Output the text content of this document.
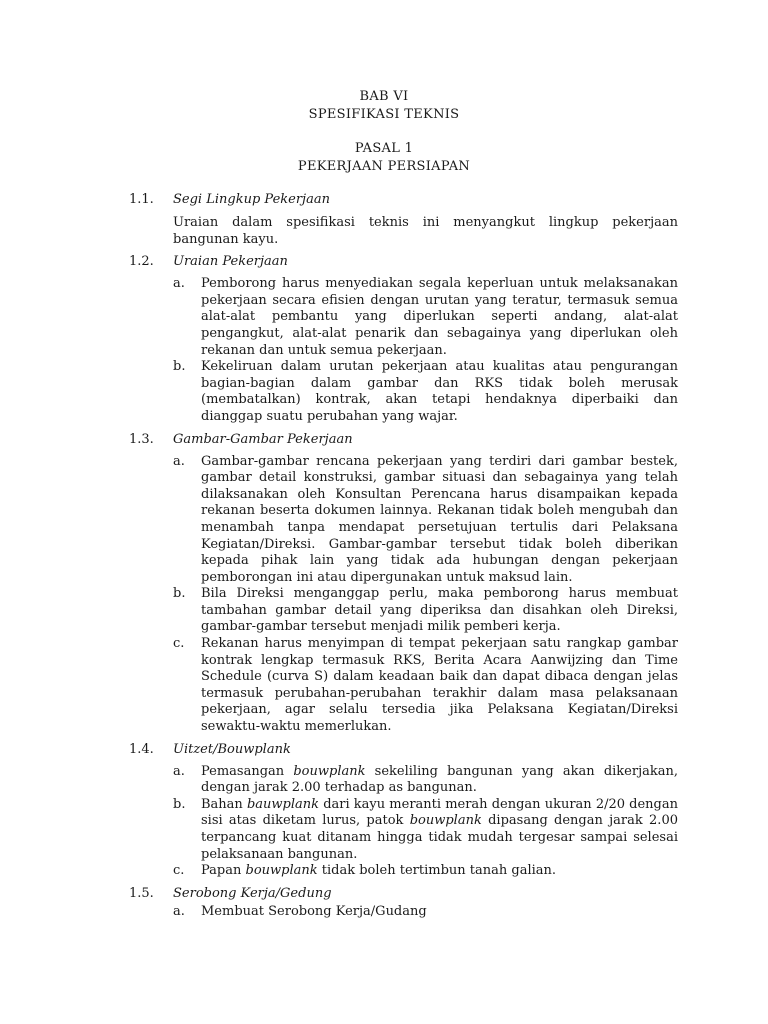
BAB VI
SPESIFIKASI TEKNIS
PASAL 1
PEKERJAAN PERSIAPAN
1.1. Segi Lingkup Pekerjaan
Uraian dalam spesifikasi teknis ini menyangkut lingkup pekerjaan bangunan kayu.
1.2. Uraian Pekerjaan
a. Pemborong harus menyediakan segala keperluan untuk melaksanakan pekerjaan secara efisien dengan urutan yang teratur, termasuk semua alat-alat pembantu yang diperlukan seperti andang, alat-alat pengangkut, alat-alat penarik dan sebagainya yang diperlukan oleh rekanan dan untuk semua pekerjaan.
b. Kekeliruan dalam urutan pekerjaan atau kualitas atau pengurangan bagian-bagian dalam gambar dan RKS tidak boleh merusak (membatalkan) kontrak, akan tetapi hendaknya diperbaiki dan dianggap suatu perubahan yang wajar.
1.3. Gambar-Gambar Pekerjaan
a. Gambar-gambar rencana pekerjaan yang terdiri dari gambar bestek, gambar detail konstruksi, gambar situasi dan sebagainya yang telah dilaksanakan oleh Konsultan Perencana harus disampaikan kepada rekanan beserta dokumen lainnya. Rekanan tidak boleh mengubah dan menambah tanpa mendapat persetujuan tertulis dari Pelaksana Kegiatan/Direksi. Gambar-gambar tersebut tidak boleh diberikan kepada pihak lain yang tidak ada hubungan dengan pekerjaan pemborongan ini atau dipergunakan untuk maksud lain.
b. Bila Direksi menganggap perlu, maka pemborong harus membuat tambahan gambar detail yang diperiksa dan disahkan oleh Direksi, gambar-gambar tersebut menjadi milik pemberi kerja.
c. Rekanan harus menyimpan di tempat pekerjaan satu rangkap gambar kontrak lengkap termasuk RKS, Berita Acara Aanwijzing dan Time Schedule (curva S) dalam keadaan baik dan dapat dibaca dengan jelas termasuk perubahan-perubahan terakhir dalam masa pelaksanaan pekerjaan, agar selalu tersedia jika Pelaksana Kegiatan/Direksi sewaktu-waktu memerlukan.
1.4. Uitzet/Bouwplank
a. Pemasangan bouwplank sekeliling bangunan yang akan dikerjakan, dengan jarak 2.00 terhadap as bangunan.
b. Bahan bauwplank dari kayu meranti merah dengan ukuran 2/20 dengan sisi atas diketam lurus, patok bouwplank dipasang dengan jarak 2.00 terpancang kuat ditanam hingga tidak mudah tergesar sampai selesai pelaksanaan bangunan.
c. Papan bouwplank tidak boleh tertimbun tanah galian.
1.5. Serobong Kerja/Gedung
a. Membuat Serobong Kerja/Gudang
